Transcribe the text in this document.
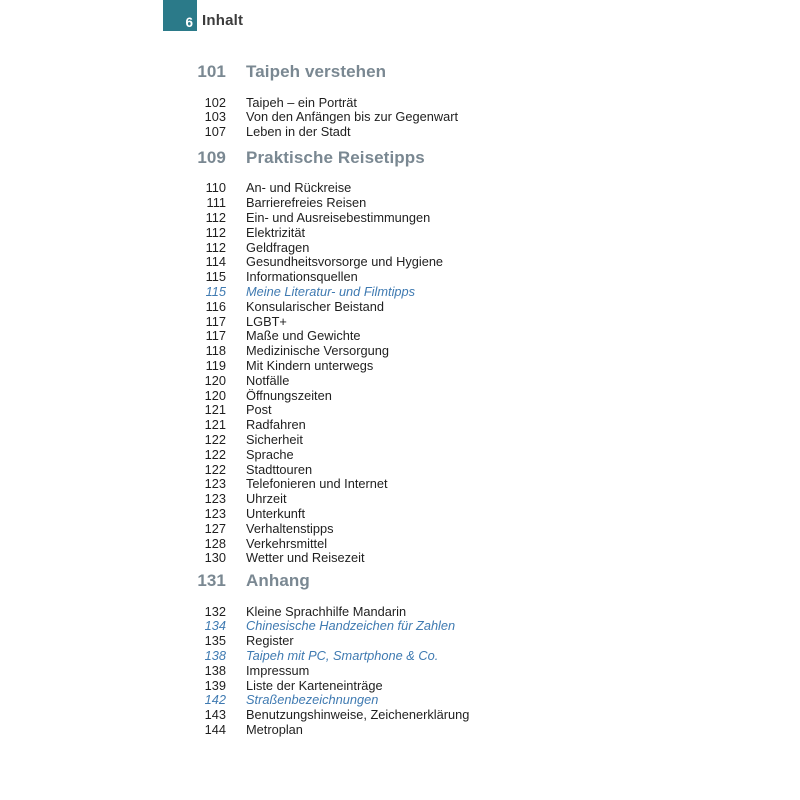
6 Inhalt
101 Taipeh verstehen
102 Taipeh – ein Porträt
103 Von den Anfängen bis zur Gegenwart
107 Leben in der Stadt
109 Praktische Reisetipps
110 An- und Rückreise
111 Barrierefreies Reisen
112 Ein- und Ausreisebestimmungen
112 Elektrizität
112 Geldfragen
114 Gesundheitsvorsorge und Hygiene
115 Informationsquellen
115 Meine Literatur- und Filmtipps
116 Konsularischer Beistand
117 LGBT+
117 Maße und Gewichte
118 Medizinische Versorgung
119 Mit Kindern unterwegs
120 Notfälle
120 Öffnungszeiten
121 Post
121 Radfahren
122 Sicherheit
122 Sprache
122 Stadttouren
123 Telefonieren und Internet
123 Uhrzeit
123 Unterkunft
127 Verhaltenstipps
128 Verkehrsmittel
130 Wetter und Reisezeit
131 Anhang
132 Kleine Sprachhilfe Mandarin
134 Chinesische Handzeichen für Zahlen
135 Register
138 Taipeh mit PC, Smartphone & Co.
138 Impressum
139 Liste der Karteneinträge
142 Straßenbezeichnungen
143 Benutzungshinweise, Zeichenerklärung
144 Metroplan
